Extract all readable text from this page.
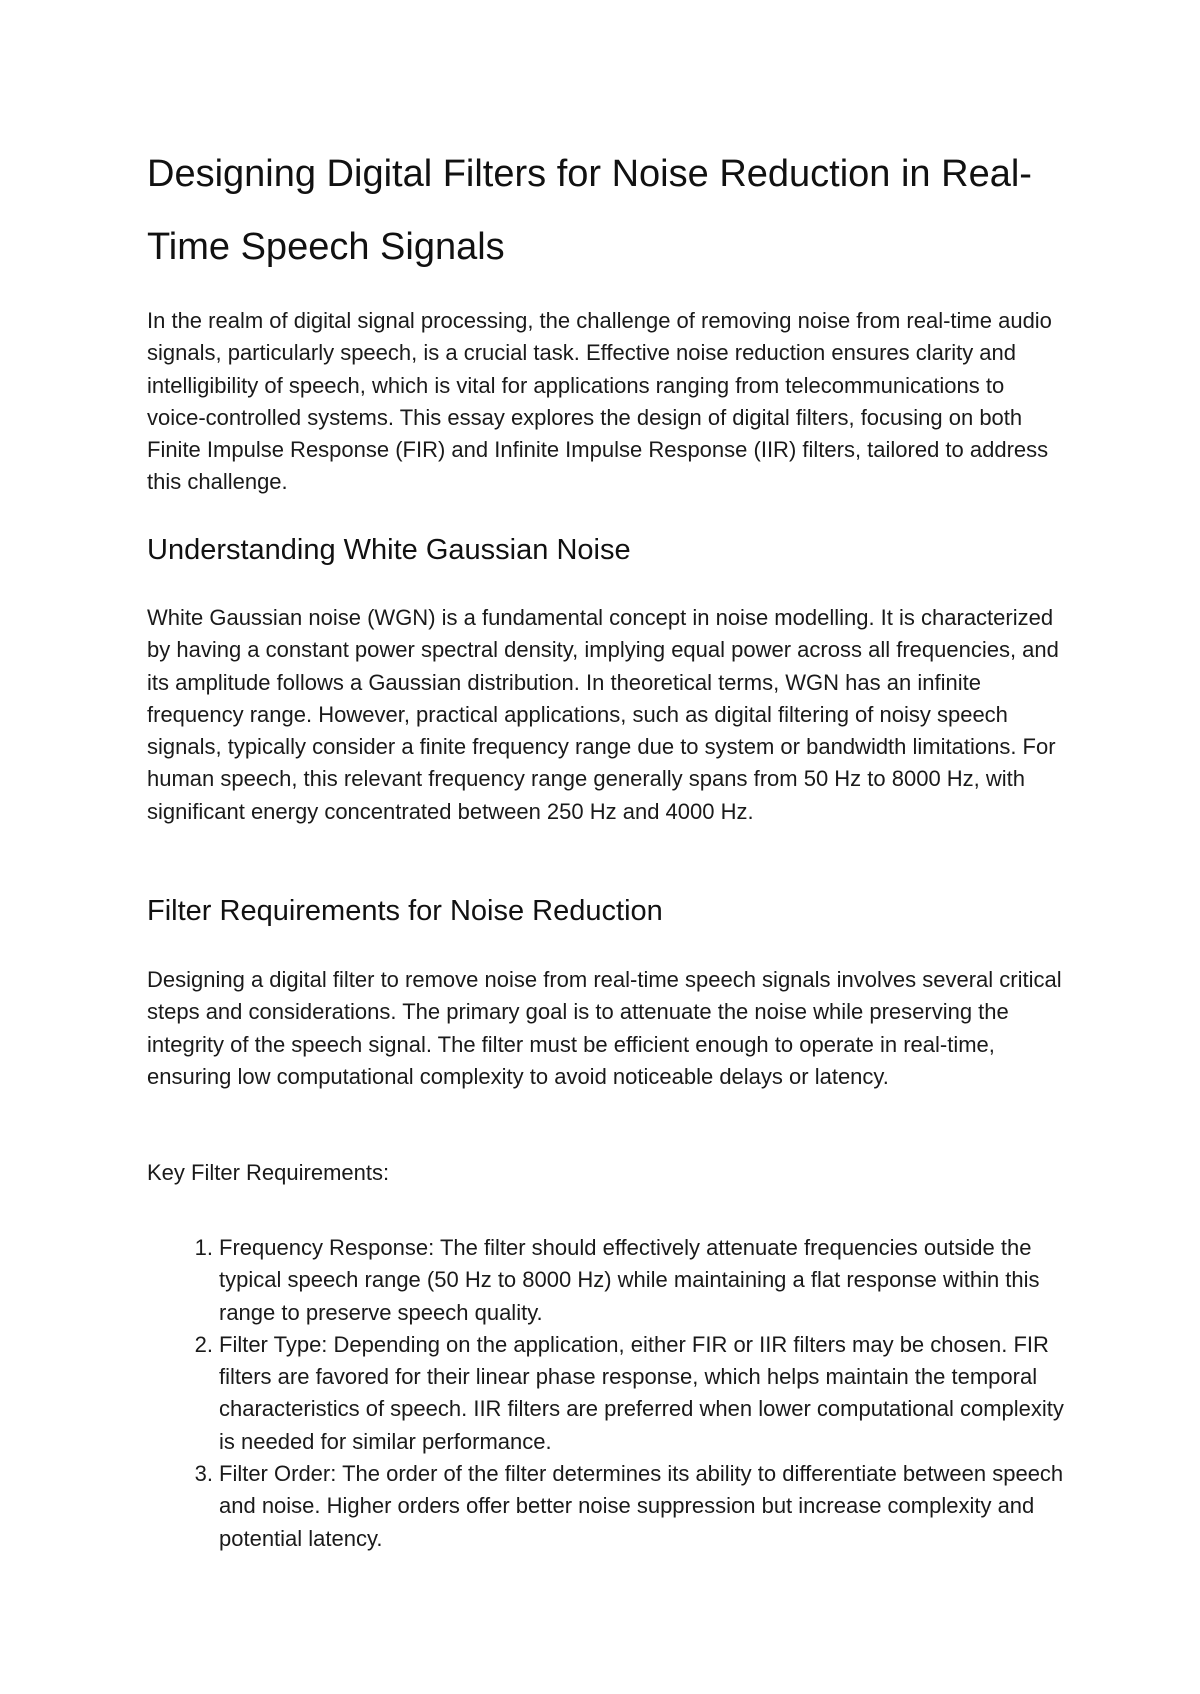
Designing Digital Filters for Noise Reduction in Real-Time Speech Signals

In the realm of digital signal processing, the challenge of removing noise from real-time audio signals, particularly speech, is a crucial task. Effective noise reduction ensures clarity and intelligibility of speech, which is vital for applications ranging from telecommunications to voice-controlled systems. This essay explores the design of digital filters, focusing on both Finite Impulse Response (FIR) and Infinite Impulse Response (IIR) filters, tailored to address this challenge.

Understanding White Gaussian Noise

White Gaussian noise (WGN) is a fundamental concept in noise modelling. It is characterized by having a constant power spectral density, implying equal power across all frequencies, and its amplitude follows a Gaussian distribution. In theoretical terms, WGN has an infinite frequency range. However, practical applications, such as digital filtering of noisy speech signals, typically consider a finite frequency range due to system or bandwidth limitations. For human speech, this relevant frequency range generally spans from 50 Hz to 8000 Hz, with significant energy concentrated between 250 Hz and 4000 Hz.

Filter Requirements for Noise Reduction

Designing a digital filter to remove noise from real-time speech signals involves several critical steps and considerations. The primary goal is to attenuate the noise while preserving the integrity of the speech signal. The filter must be efficient enough to operate in real-time, ensuring low computational complexity to avoid noticeable delays or latency.

Key Filter Requirements:

1. Frequency Response: The filter should effectively attenuate frequencies outside the typical speech range (50 Hz to 8000 Hz) while maintaining a flat response within this range to preserve speech quality.
2. Filter Type: Depending on the application, either FIR or IIR filters may be chosen. FIR filters are favored for their linear phase response, which helps maintain the temporal characteristics of speech. IIR filters are preferred when lower computational complexity is needed for similar performance.
3. Filter Order: The order of the filter determines its ability to differentiate between speech and noise. Higher orders offer better noise suppression but increase complexity and potential latency.
